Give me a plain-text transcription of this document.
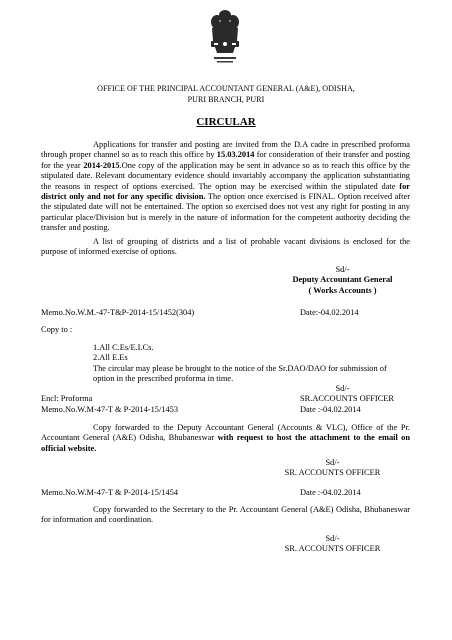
OFFICE OF THE PRINCIPAL ACCOUNTANT GENERAL (A&E), ODISHA,
PURI BRANCH, PURI
CIRCULAR

Applications for transfer and posting are invited from the D.A cadre in prescribed proforma through proper channel so as to reach this office by 15.03.2014 for consideration of their transfer and posting for the year 2014-2015.One copy of the application may be sent in advance so as to reach this office by the stipulated date. Relevant documentary evidence should invariably accompany the application substantiating the reasons in respect of options exercised. The option may be exercised within the stipulated date for district only and not for any specific division. The option once exercised is FINAL. Option received after the stipulated date will not be entertained. The option so exercised does not vest any right for posting in any particular place/Division but is merely in the nature of information for the competent authority deciding the transfer and posting.

A list of grouping of districts and a list of probable vacant divisions is enclosed for the purpose of informed exercise of options.

Sd/-
Deputy Accountant General
( Works Accounts )
Memo.No.W.M.-47-T&P-2014-15/1452(304)	Date:-04.02.2014
Copy to :
1.All C.Es/E.I.Cs.
2.All E.Es
The circular may please be brought to the notice of the Sr.DAO/DAO for submission of option in the prescribed proforma in time.
Sd/-
Encl: Proforma	SR.ACCOUNTS OFFICER
Memo.No.W.M-47-T & P-2014-15/1453	Date :-04.02.2014

Copy forwarded to the Deputy Accountant General (Accounts & VLC), Office of the Pr. Accountant General (A&E) Odisha, Bhubaneswar with request to host the attachment to the email on official website.

Sd/-
SR. ACCOUNTS OFFICER
Memo.No.W.M-47-T & P-2014-15/1454	Date :-04.02.2014

Copy forwarded to the Secretary to the Pr. Accountant General (A&E) Odisha, Bhubaneswar for information and coordination.

Sd/-
SR. ACCOUNTS OFFICER
